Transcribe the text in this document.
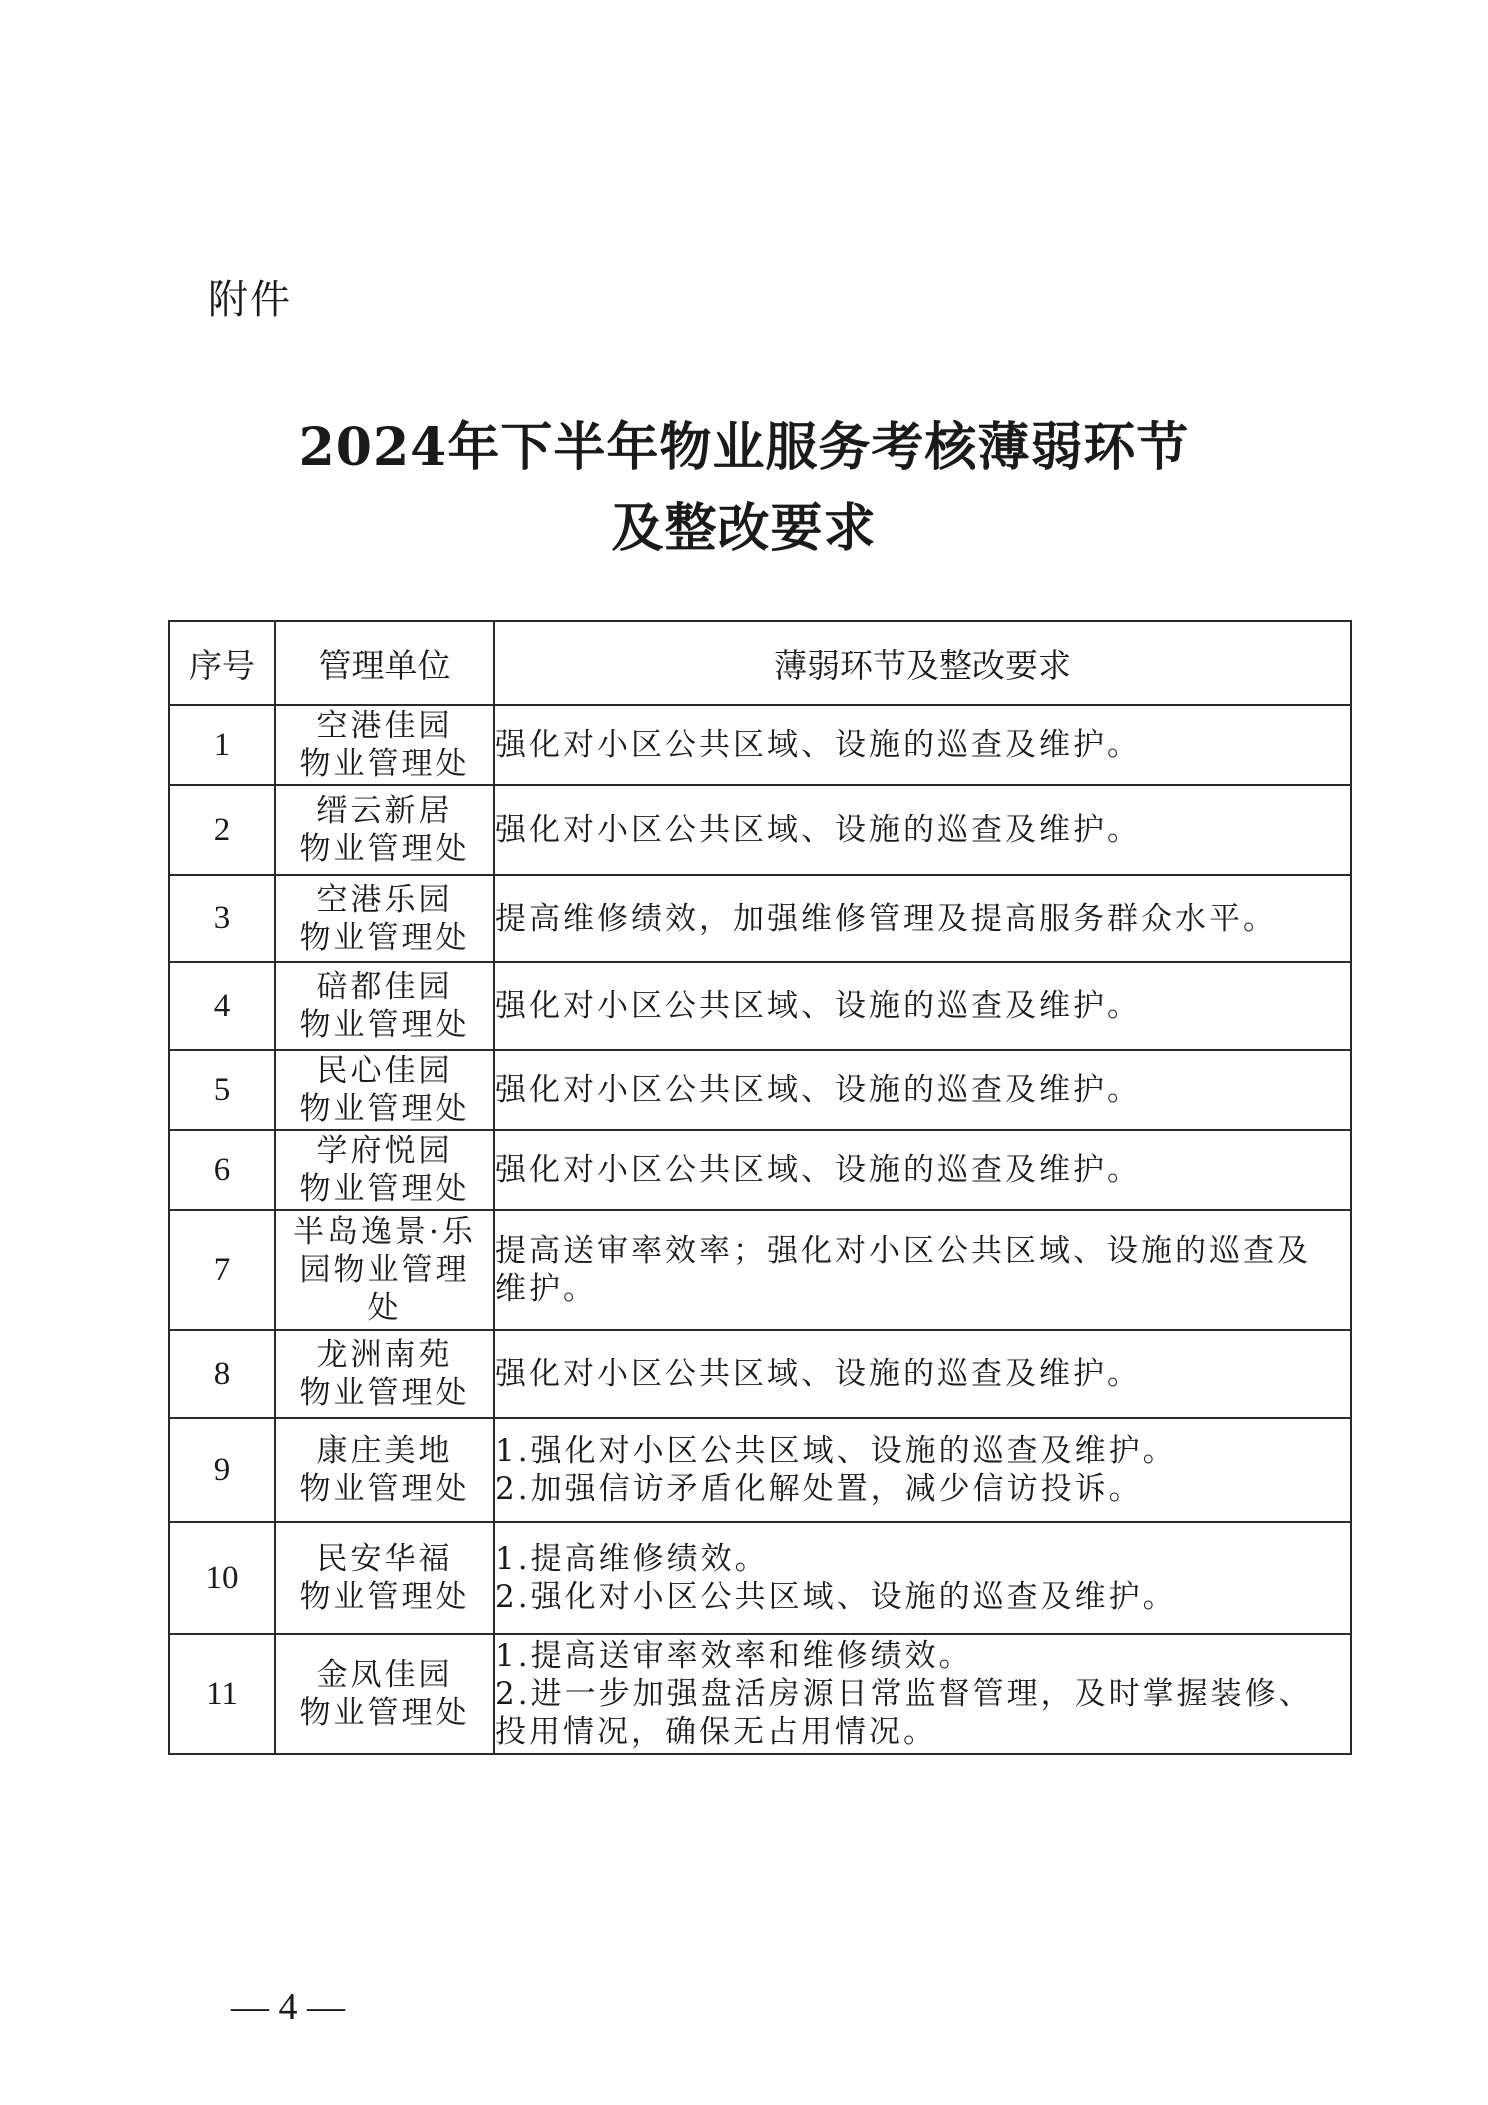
附件
2024年下半年物业服务考核薄弱环节
及整改要求
序号	管理单位	薄弱环节及整改要求
1	空港佳园
物业管理处	强化对小区公共区域、设施的巡查及维护。

2	缙云新居
物业管理处	强化对小区公共区域、设施的巡查及维护。

3	空港乐园
物业管理处	提高维修绩效，加强维修管理及提高服务群众水平。

4	碚都佳园
物业管理处	强化对小区公共区域、设施的巡查及维护。

5	民心佳园
物业管理处	强化对小区公共区域、设施的巡查及维护。

6	学府悦园
物业管理处	强化对小区公共区域、设施的巡查及维护。

7	半岛逸景·乐
园物业管理
处	提高送审率效率；强化对小区公共区域、设施的巡查及
维护。

8	龙洲南苑
物业管理处	强化对小区公共区域、设施的巡查及维护。

9	康庄美地
物业管理处	1.强化对小区公共区域、设施的巡查及维护。
2.加强信访矛盾化解处置，减少信访投诉。

10	民安华福
物业管理处	1.提高维修绩效。
2.强化对小区公共区域、设施的巡查及维护。

11	金凤佳园
物业管理处	1.提高送审率效率和维修绩效。
2.进一步加强盘活房源日常监督管理，及时掌握装修、
投用情况，确保无占用情况。
— 4 —
